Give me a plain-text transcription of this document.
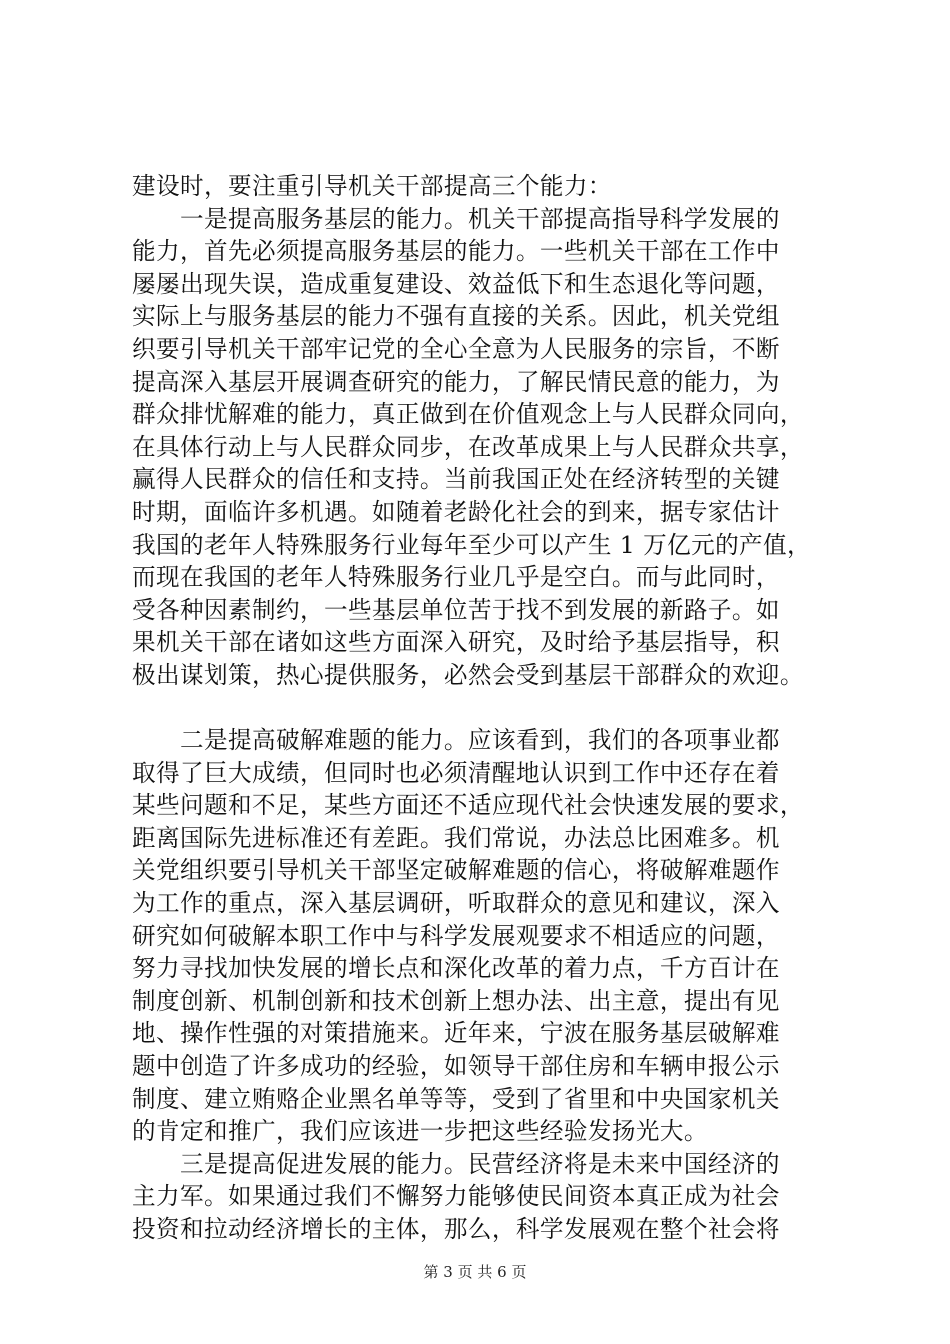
建设时，要注重引导机关干部提高三个能力：
一是提高服务基层的能力。机关干部提高指导科学发展的
能力，首先必须提高服务基层的能力。一些机关干部在工作中
屡屡出现失误，造成重复建设、效益低下和生态退化等问题，
实际上与服务基层的能力不强有直接的关系。因此，机关党组
织要引导机关干部牢记党的全心全意为人民服务的宗旨，不断
提高深入基层开展调查研究的能力，了解民情民意的能力，为
群众排忧解难的能力，真正做到在价值观念上与人民群众同向，
在具体行动上与人民群众同步，在改革成果上与人民群众共享，
赢得人民群众的信任和支持。当前我国正处在经济转型的关键
时期，面临许多机遇。如随着老龄化社会的到来，据专家估计
我国的老年人特殊服务行业每年至少可以产生 1 万亿元的产值，
而现在我国的老年人特殊服务行业几乎是空白。而与此同时，
受各种因素制约，一些基层单位苦于找不到发展的新路子。如
果机关干部在诸如这些方面深入研究，及时给予基层指导，积
极出谋划策，热心提供服务，必然会受到基层干部群众的欢迎。
二是提高破解难题的能力。应该看到，我们的各项事业都
取得了巨大成绩，但同时也必须清醒地认识到工作中还存在着
某些问题和不足，某些方面还不适应现代社会快速发展的要求，
距离国际先进标准还有差距。我们常说，办法总比困难多。机
关党组织要引导机关干部坚定破解难题的信心，将破解难题作
为工作的重点，深入基层调研，听取群众的意见和建议，深入
研究如何破解本职工作中与科学发展观要求不相适应的问题，
努力寻找加快发展的增长点和深化改革的着力点，千方百计在
制度创新、机制创新和技术创新上想办法、出主意，提出有见
地、操作性强的对策措施来。近年来，宁波在服务基层破解难
题中创造了许多成功的经验，如领导干部住房和车辆申报公示
制度、建立贿赂企业黑名单等等，受到了省里和中央国家机关
的肯定和推广，我们应该进一步把这些经验发扬光大。
三是提高促进发展的能力。民营经济将是未来中国经济的
主力军。如果通过我们不懈努力能够使民间资本真正成为社会
投资和拉动经济增长的主体，那么，科学发展观在整个社会将
第 3 页 共 6 页
